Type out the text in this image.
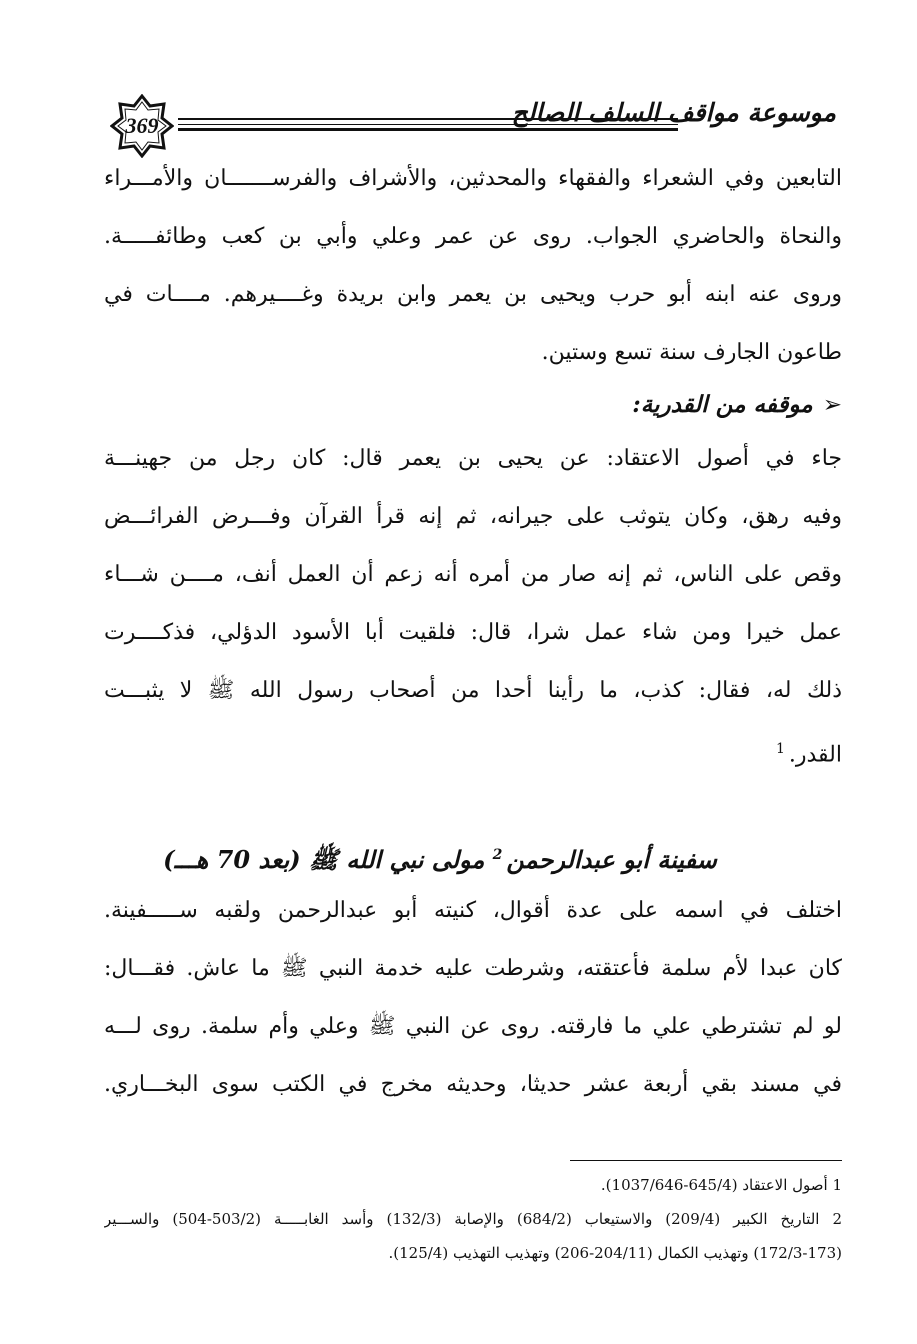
369	موسوعة مواقف السلف الصالح

التابعين وفي الشعراء والفقهاء والمحدثين، والأشراف والفرســـــــان والأمـــراء

والنحاة والحاضري الجواب. روى عن عمر وعلي وأبي بن كعب وطائفـــــة.

وروى عنه ابنه أبو حرب ويحيى بن يعمر وابن بريدة وغــــيرهم. مــــات في

طاعون الجارف سنة تسع وستين.

➢موقفه من القدرية:

جاء في أصول الاعتقاد: عن يحيى بن يعمر قال: كان رجل من جهينـــة

وفيه رهق، وكان يتوثب على جيرانه، ثم إنه قرأ القرآن وفـــرض الفرائـــض

وقص على الناس، ثم إنه صار من أمره أنه زعم أن العمل أنف، مــــن شـــاء

عمل خيرا ومن شاء عمل شرا، قال: فلقيت أبا الأسود الدؤلي، فذكــــرت

ذلك له، فقال: كذب، ما رأينا أحدا من أصحاب رسول الله ﷺ لا يثبـــت

القدر.$^1$

سفينة أبو عبدالرحمن$^2$ مولى نبي الله ﷺ (بعد 70 هـــ)

اختلف في اسمه على عدة أقوال، كنيته أبو عبدالرحمن ولقبه ســـــفينة.

كان عبدا لأم سلمة فأعتقته، وشرطت عليه خدمة النبي ﷺ ما عاش. فقـــال:

لو لم تشترطي علي ما فارقته. روى عن النبي ﷺ وعلي وأم سلمة. روى لـــه

في مسند بقي أربعة عشر حديثا، وحديثه مخرج في الكتب سوى البخـــاري.

1 أصول الاعتقاد (645/4-1037/646).

2 التاريخ الكبير (209/4) والاستيعاب (684/2) والإصابة (132/3) وأسد الغابـــــة (503/2-504) والســـير

(172/3-173) وتهذيب الكمال (204/11-206) وتهذيب التهذيب (125/4).
